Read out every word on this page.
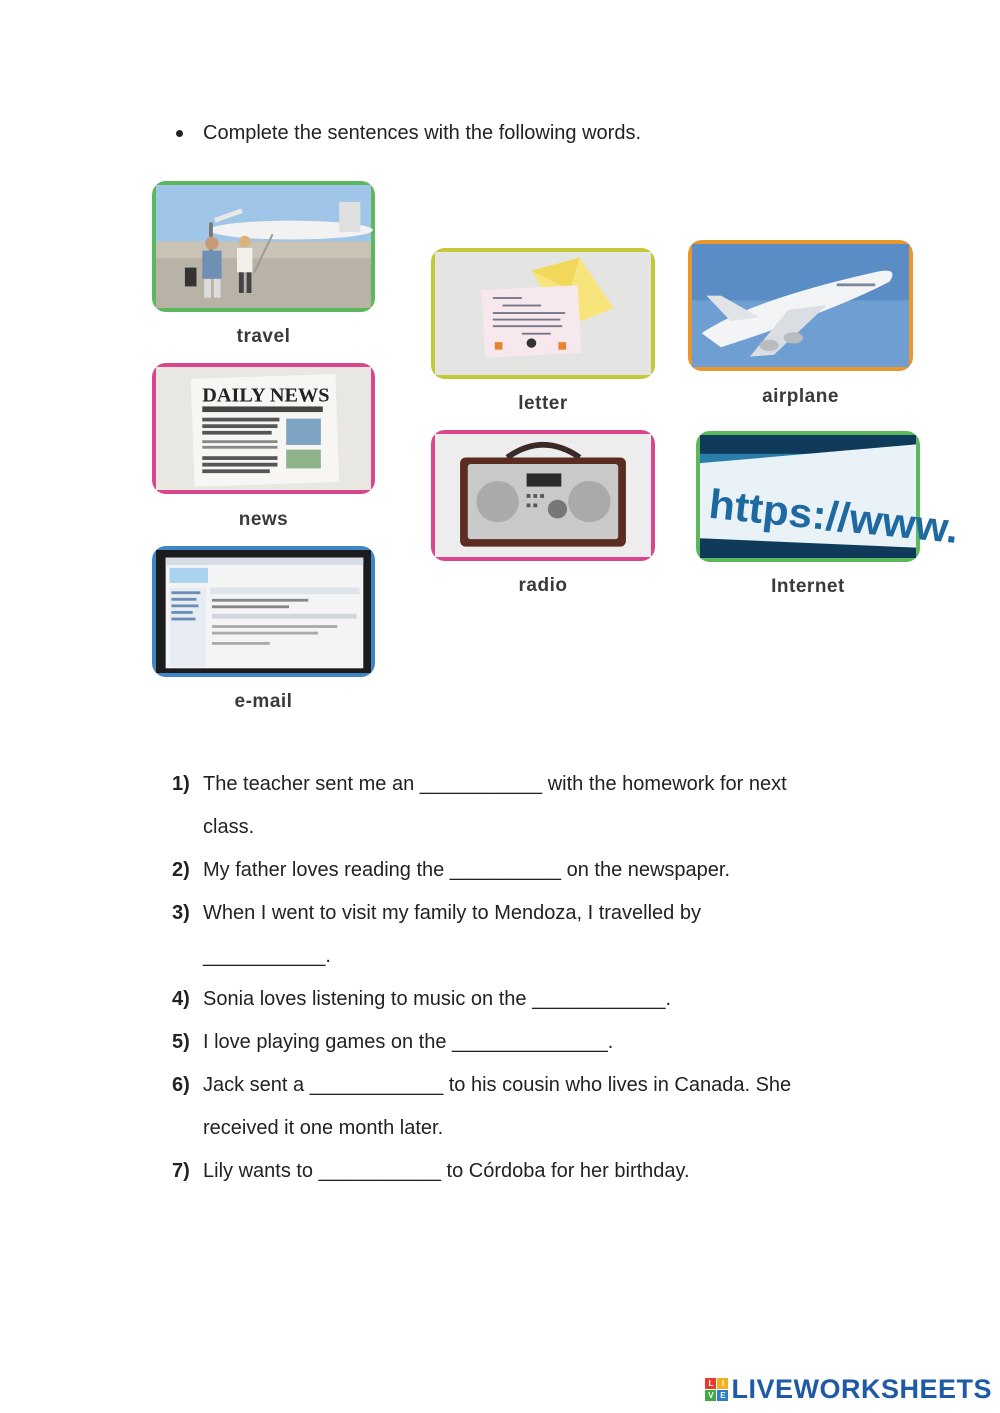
Complete the sentences with the following words.
travel
DAILY NEWS
news
e-mail
letter
radio
airplane
https://www.
Internet
1) The teacher sent me an ___________ with the homework for next
class.
2) My father loves reading the __________ on the newspaper.
3) When I went to visit my family to Mendoza, I travelled by
___________.
4) Sonia loves listening to music on the ____________.
5) I love playing games on the ______________.
6) Jack sent a ____________ to his cousin who lives in Canada. She
received it one month later.
7) Lily wants to ___________ to Córdoba for her birthday.
L	I
V E LIVEWORKSHEETS
